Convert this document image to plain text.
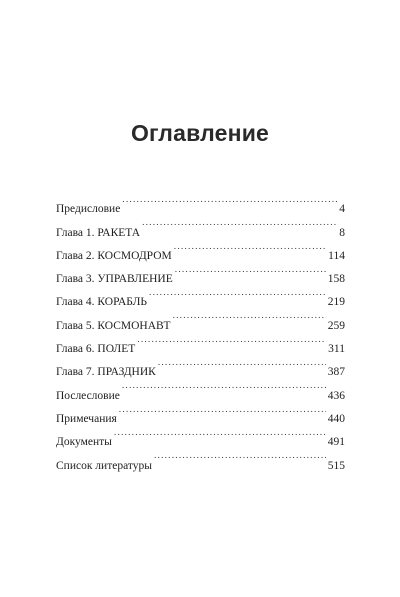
Оглавление
Предисловие . . .	4
Глава 1. РАКЕТА . . .	8
Глава 2. КОСМОДРОМ . . .	114
Глава 3. УПРАВЛЕНИЕ . . .	158
Глава 4. КОРАБЛЬ . . .	219
Глава 5. КОСМОНАВТ . . .	259
Глава 6. ПОЛЕТ . . .	311
Глава 7. ПРАЗДНИК . . .	387
Послесловие . . .	436
Примечания . . .	440
Документы . . .	491
Список литературы . . .	515
